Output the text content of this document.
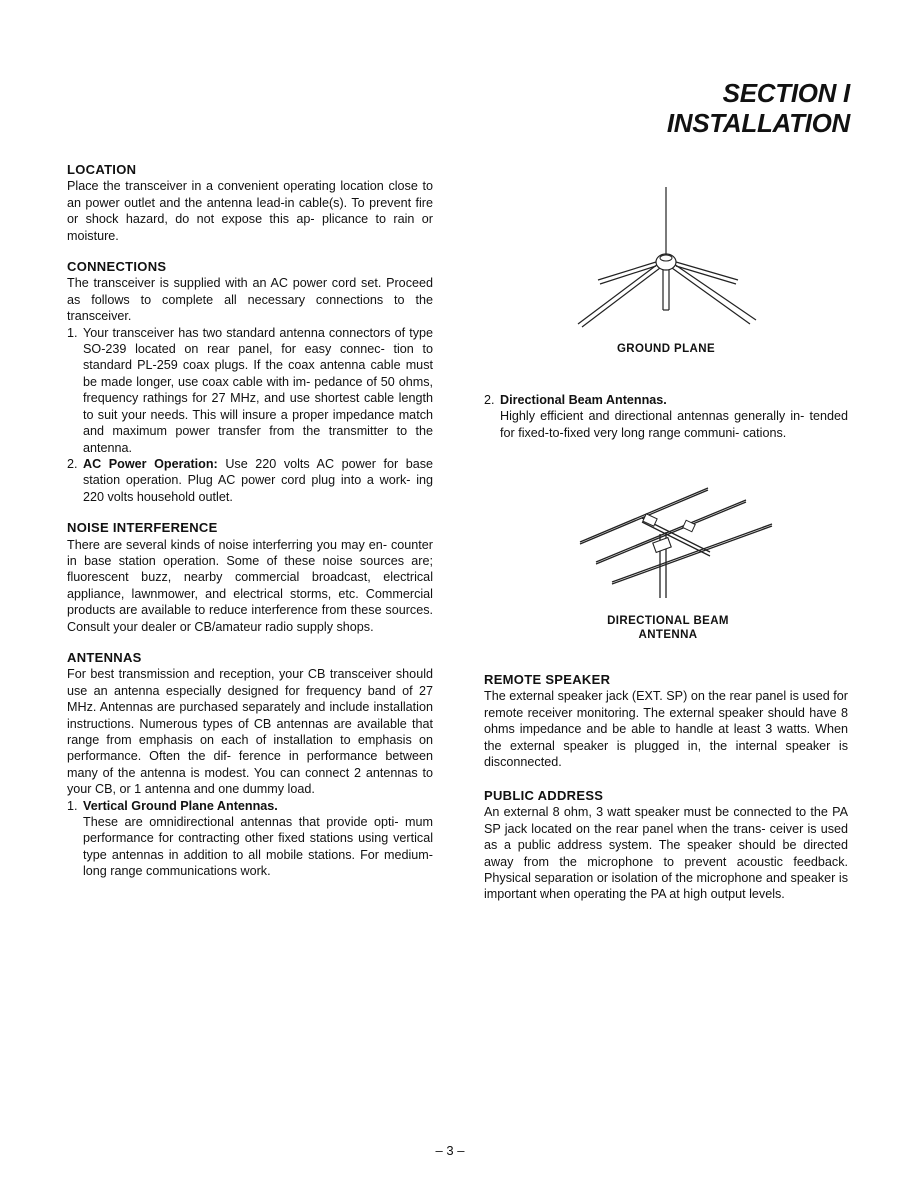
SECTION I
INSTALLATION
LOCATION

Place the transceiver in a convenient operating location close to an power outlet and the antenna lead-in cable(s). To prevent fire or shock hazard, do not expose this ap- plicance to rain or moisture.

CONNECTIONS

The transceiver is supplied with an AC power cord set. Proceed as follows to complete all necessary connections to the transceiver.

1. Your transceiver has two standard antenna connectors of type SO-239 located on rear panel, for easy connec- tion to standard PL-259 coax plugs. If the coax antenna cable must be made longer, use coax cable with im- pedance of 50 ohms, frequency rathings for 27 MHz, and use shortest cable length to suit your needs. This will insure a proper impedance match and maximum power transfer from the transmitter to the antenna.
2. AC Power Operation: Use 220 volts AC power for base station operation. Plug AC power cord plug into a work- ing 220 volts household outlet.
NOISE INTERFERENCE

There are several kinds of noise interferring you may en- counter in base station operation. Some of these noise sources are; fluorescent buzz, nearby commercial broadcast, electrical appliance, lawnmower, and electrical storms, etc. Commercial products are available to reduce interference from these sources. Consult your dealer or CB/amateur radio supply shops.

ANTENNAS

For best transmission and reception, your CB transceiver should use an antenna especially designed for frequency band of 27 MHz. Antennas are purchased separately and include installation instructions. Numerous types of CB antennas are available that range from emphasis on each of installation to emphasis on performance. Often the dif- ference in performance between many of the antenna is modest. You can connect 2 antennas to your CB, or 1 antenna and one dummy load.

1. Vertical Ground Plane Antennas.
These are omnidirectional antennas that provide opti- mum performance for contracting other fixed stations using vertical type antennas in addition to all mobile stations. For medium-long range communications work.
GROUND PLANE
2. Directional Beam Antennas.
Highly efficient and directional antennas generally in- tended for fixed-to-fixed very long range communi- cations.
DIRECTIONAL BEAM
ANTENNA
REMOTE SPEAKER

The external speaker jack (EXT. SP) on the rear panel is used for remote receiver monitoring. The external speaker should have 8 ohms impedance and be able to handle at least 3 watts. When the external speaker is plugged in, the internal speaker is disconnected.

PUBLIC ADDRESS

An external 8 ohm, 3 watt speaker must be connected to the PA SP jack located on the rear panel when the trans- ceiver is used as a public address system. The speaker should be directed away from the microphone to prevent acoustic feedback. Physical separation or isolation of the microphone and speaker is important when operating the PA at high output levels.

– 3 –
